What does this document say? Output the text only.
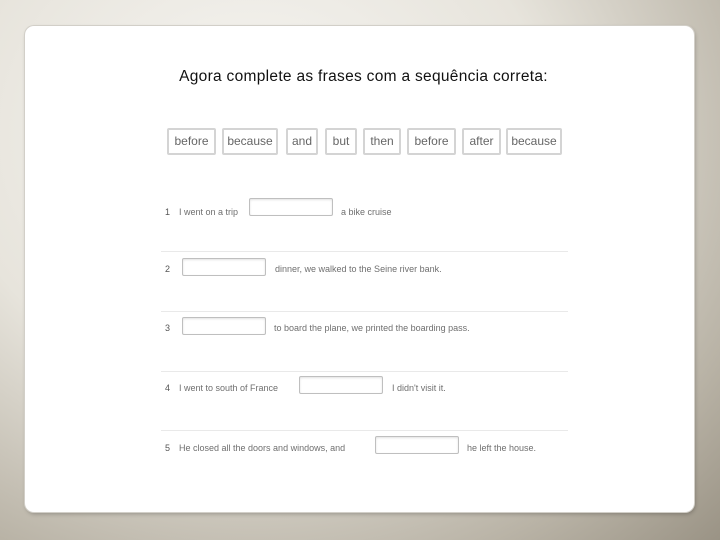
Agora complete as frases com a sequência correta:
before	because	and	but	then	before	after	because
1 I went on a trip	a bike cruise
2	dinner, we walked to the Seine river bank.
3	to board the plane, we printed the boarding pass.
4 I went to south of France	I didn't visit it.
5 He closed all the doors and windows, and	he left the house.
